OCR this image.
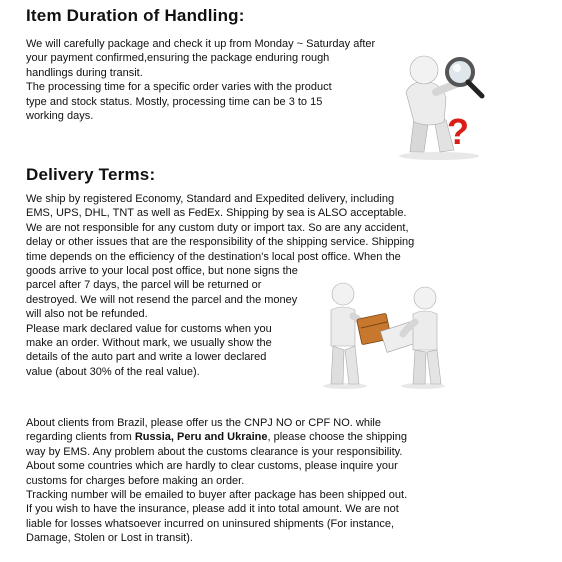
Item Duration of Handling:
We will carefully package and check it up from Monday ~ Saturday after
your payment confirmed,ensuring the package enduring rough
handlings during transit.
The processing time for a specific order varies with the product
type and stock status. Mostly, processing time can be 3 to 15
working days.	?
Delivery Terms:
We ship by registered Economy, Standard and Expedited delivery, including
EMS, UPS, DHL, TNT as well as FedEx. Shipping by sea is ALSO acceptable.
We are not responsible for any custom duty or import tax. So are any accident,
delay or other issues that are the responsibility of the shipping service. Shipping
time depends on the efficiency of the destination's local post office. When the
goods arrive to your local post office, but none signs the
parcel after 7 days, the parcel will be returned or
destroyed. We will not resend the parcel and the money
will also not be refunded.
Please mark declared value for customs when you
make an order. Without mark, we usually show the
details of the auto part and write a lower declared
value (about 30% of the real value).
About clients from Brazil, please offer us the CNPJ NO or CPF NO. while
regarding clients from Russia, Peru and Ukraine, please choose the shipping
way by EMS. Any problem about the customs clearance is your responsibility.
About some countries which are hardly to clear customs, please inquire your
customs for charges before making an order.
Tracking number will be emailed to buyer after package has been shipped out.
If you wish to have the insurance, please add it into total amount. We are not
liable for losses whatsoever incurred on uninsured shipments (For instance,
Damage, Stolen or Lost in transit).
